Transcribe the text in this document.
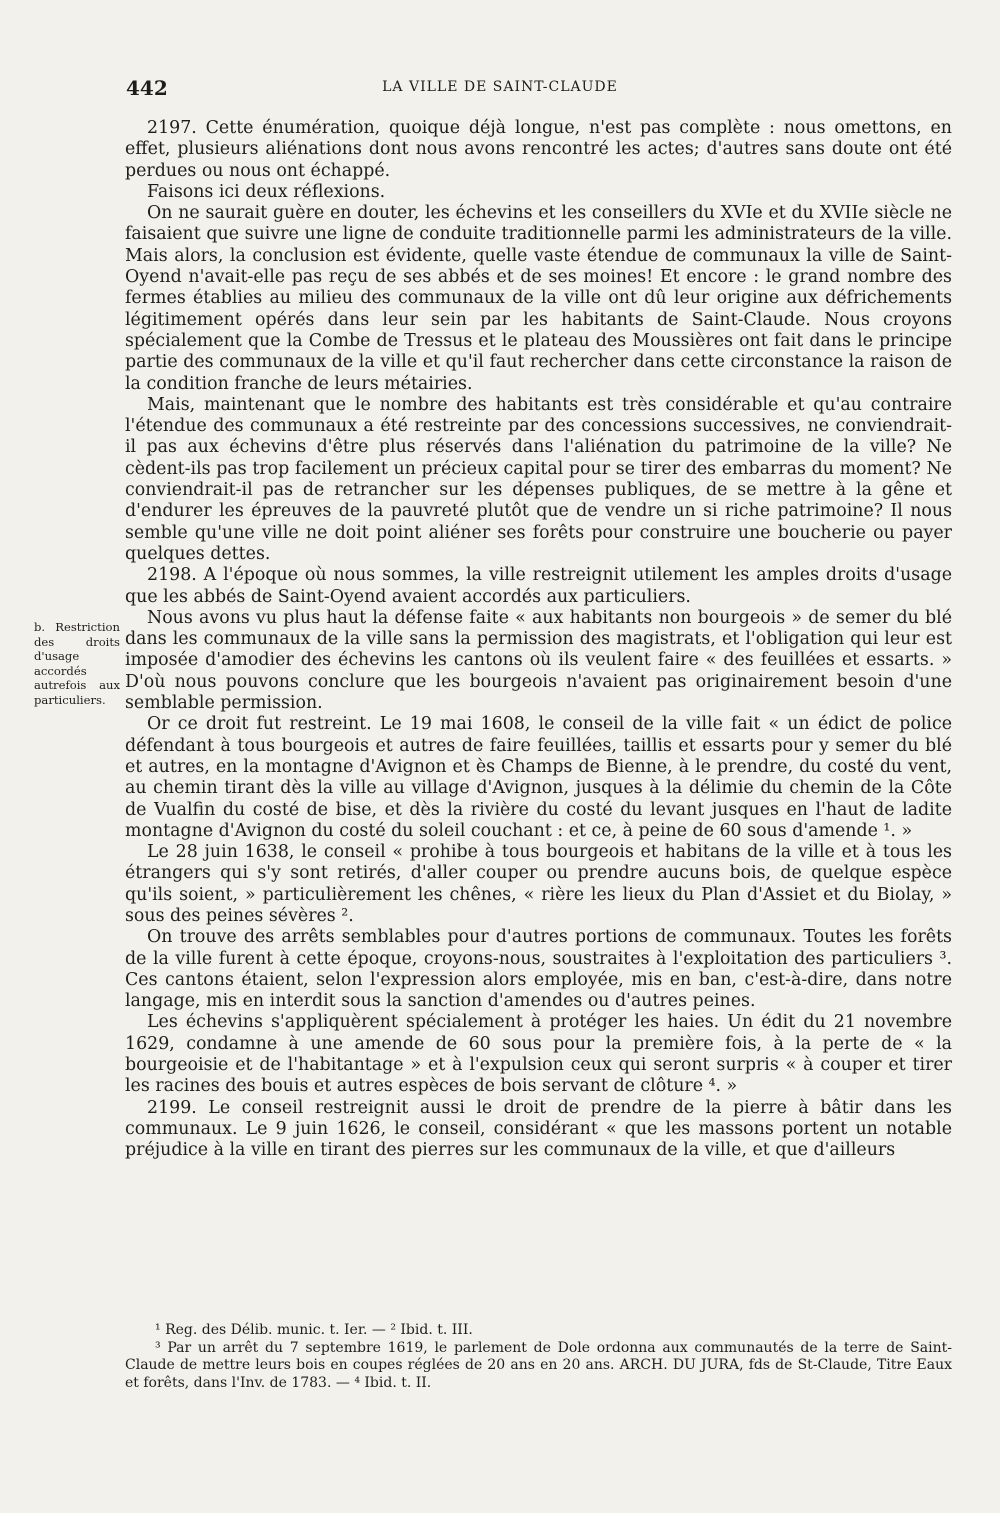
442	LA VILLE DE SAINT-CLAUDE
b. Restriction des droits d'usage accordés autrefois aux particuliers.

2197. Cette énumération, quoique déjà longue, n'est pas complète : nous omettons, en effet, plusieurs aliénations dont nous avons rencontré les actes; d'autres sans doute ont été perdues ou nous ont échappé.

Faisons ici deux réflexions.

On ne saurait guère en douter, les échevins et les conseillers du XVIe et du XVIIe siècle ne faisaient que suivre une ligne de conduite traditionnelle parmi les administrateurs de la ville. Mais alors, la conclusion est évidente, quelle vaste étendue de communaux la ville de Saint-Oyend n'avait-elle pas reçu de ses abbés et de ses moines! Et encore : le grand nombre des fermes établies au milieu des communaux de la ville ont dû leur origine aux défrichements légitimement opérés dans leur sein par les habitants de Saint-Claude. Nous croyons spécialement que la Combe de Tressus et le plateau des Moussières ont fait dans le principe partie des communaux de la ville et qu'il faut rechercher dans cette circonstance la raison de la condition franche de leurs métairies.

Mais, maintenant que le nombre des habitants est très considérable et qu'au contraire l'étendue des communaux a été restreinte par des concessions successives, ne conviendrait-il pas aux échevins d'être plus réservés dans l'aliénation du patrimoine de la ville? Ne cèdent-ils pas trop facilement un précieux capital pour se tirer des embarras du moment? Ne conviendrait-il pas de retrancher sur les dépenses publiques, de se mettre à la gêne et d'endurer les épreuves de la pauvreté plutôt que de vendre un si riche patrimoine? Il nous semble qu'une ville ne doit point aliéner ses forêts pour construire une boucherie ou payer quelques dettes.

2198. A l'époque où nous sommes, la ville restreignit utilement les amples droits d'usage que les abbés de Saint-Oyend avaient accordés aux particuliers.

Nous avons vu plus haut la défense faite « aux habitants non bourgeois » de semer du blé dans les communaux de la ville sans la permission des magistrats, et l'obligation qui leur est imposée d'amodier des échevins les cantons où ils veulent faire « des feuillées et essarts. » D'où nous pouvons conclure que les bourgeois n'avaient pas originairement besoin d'une semblable permission.

Or ce droit fut restreint. Le 19 mai 1608, le conseil de la ville fait « un édict de police défendant à tous bourgeois et autres de faire feuillées, taillis et essarts pour y semer du blé et autres, en la montagne d'Avignon et ès Champs de Bienne, à le prendre, du costé du vent, au chemin tirant dès la ville au village d'Avignon, jusques à la délimie du chemin de la Côte de Vualfin du costé de bise, et dès la rivière du costé du levant jusques en l'haut de ladite montagne d'Avignon du costé du soleil couchant : et ce, à peine de 60 sous d'amende ¹. »

Le 28 juin 1638, le conseil « prohibe à tous bourgeois et habitans de la ville et à tous les étrangers qui s'y sont retirés, d'aller couper ou prendre aucuns bois, de quelque espèce qu'ils soient, » particulièrement les chênes, « rière les lieux du Plan d'Assiet et du Biolay, » sous des peines sévères ².

On trouve des arrêts semblables pour d'autres portions de communaux. Toutes les forêts de la ville furent à cette époque, croyons-nous, soustraites à l'exploitation des particuliers ³. Ces cantons étaient, selon l'expression alors employée, mis en ban, c'est-à-dire, dans notre langage, mis en interdit sous la sanction d'amendes ou d'autres peines.

Les échevins s'appliquèrent spécialement à protéger les haies. Un édit du 21 novembre 1629, condamne à une amende de 60 sous pour la première fois, à la perte de « la bourgeoisie et de l'habitantage » et à l'expulsion ceux qui seront surpris « à couper et tirer les racines des bouis et autres espèces de bois servant de clôture ⁴. »

2199. Le conseil restreignit aussi le droit de prendre de la pierre à bâtir dans les communaux. Le 9 juin 1626, le conseil, considérant « que les massons portent un notable préjudice à la ville en tirant des pierres sur les communaux de la ville, et que d'ailleurs

¹ Reg. des Délib. munic. t. Ier. — ² Ibid. t. III.

³ Par un arrêt du 7 septembre 1619, le parlement de Dole ordonna aux communautés de la terre de Saint-Claude de mettre leurs bois en coupes réglées de 20 ans en 20 ans. ARCH. DU JURA, fds de St-Claude, Titre Eaux et forêts, dans l'Inv. de 1783. — ⁴ Ibid. t. II.
